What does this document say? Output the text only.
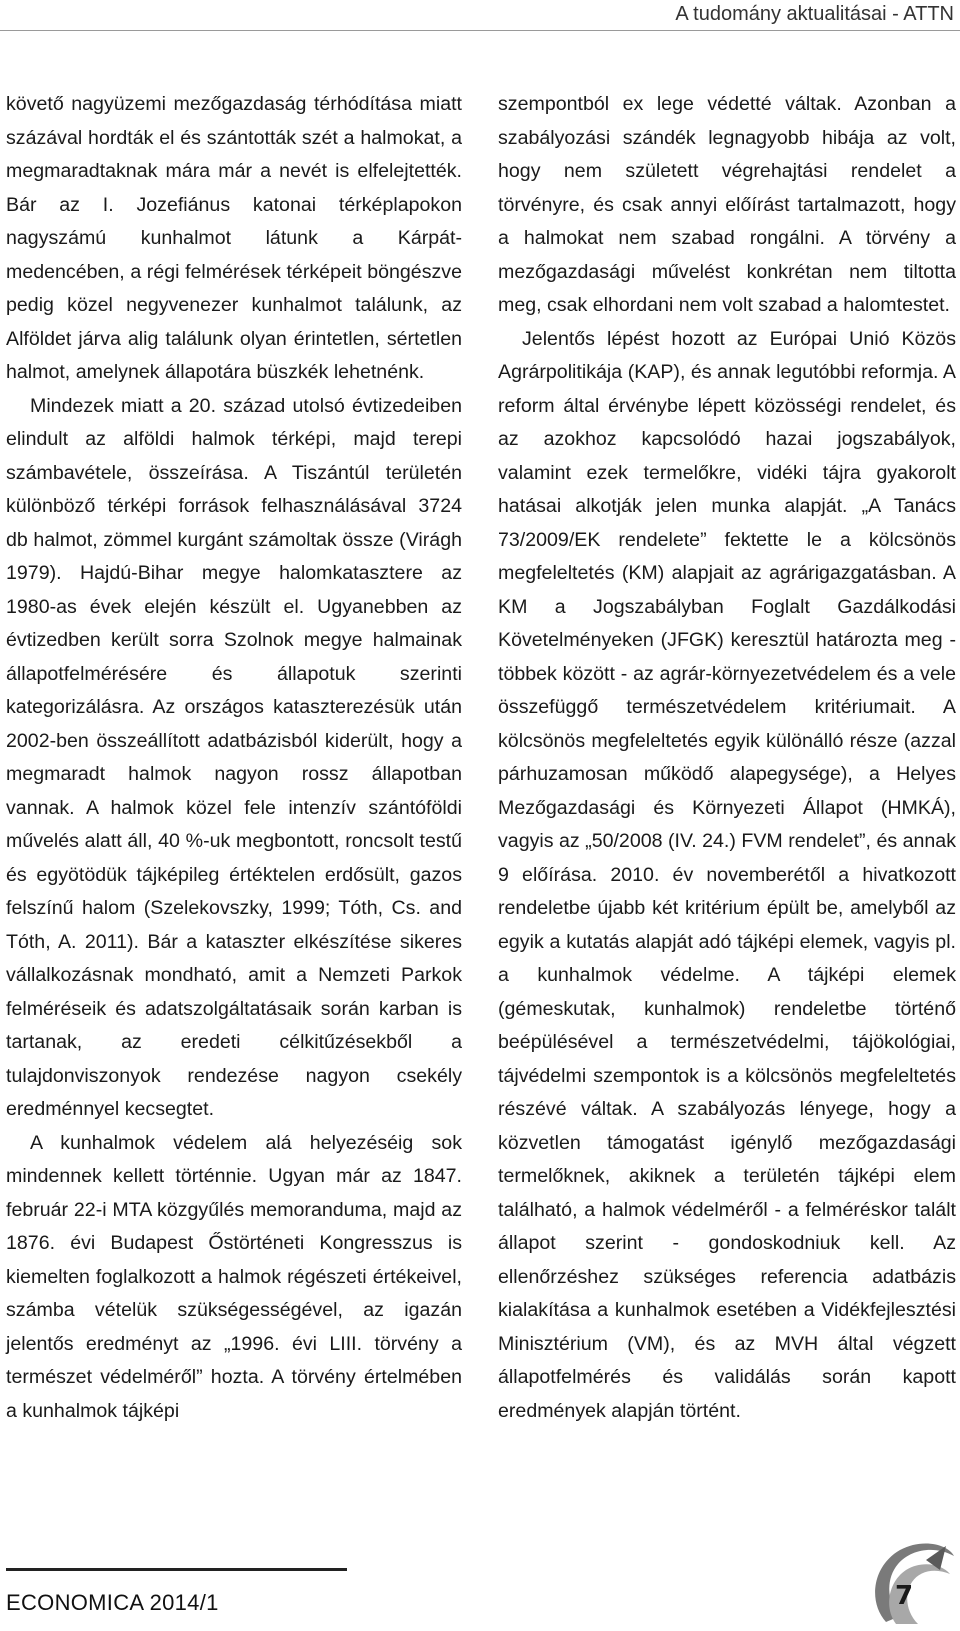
A tudomány aktualitásai - ATTN

követő nagyüzemi mezőgazdaság térhódítása miatt százával hordták el és szántották szét a halmokat, a megmaradtaknak mára már a nevét is elfelejtették. Bár az I. Jozefiánus katonai térképlapokon nagyszámú kunhalmot látunk a Kárpát-medencében, a régi felmérések térképeit böngészve pedig közel negyvenezer kunhalmot találunk, az Alföldet járva alig találunk olyan érintetlen, sértetlen halmot, amelynek állapotára büszkék lehetnénk.

Mindezek miatt a 20. század utolsó évtizedeiben elindult az alföldi halmok térképi, majd terepi számbavétele, összeírása. A Tiszántúl területén különböző térképi források felhasználásával 3724 db halmot, zömmel kurgánt számoltak össze (Virágh 1979). Hajdú-Bihar megye halomkatasztere az 1980-as évek elején készült el. Ugyanebben az évtizedben került sorra Szolnok megye halmainak állapotfelmérésére és állapotuk szerinti kategorizálásra. Az országos kataszterezésük után 2002-ben összeállított adatbázisból kiderült, hogy a megmaradt halmok nagyon rossz állapotban vannak. A halmok közel fele intenzív szántóföldi művelés alatt áll, 40 %-uk megbontott, roncsolt testű és egyötödük tájképileg értéktelen erdősült, gazos felszínű halom (Szelekovszky, 1999; Tóth, Cs. and Tóth, A. 2011). Bár a kataszter elkészítése sikeres vállalkozásnak mondható, amit a Nemzeti Parkok felméréseik és adatszolgáltatásaik során karban is tartanak, az eredeti célkitűzésekből a tulajdonviszonyok rendezése nagyon csekély eredménnyel kecsegtet.

A kunhalmok védelem alá helyezéséig sok mindennek kellett történnie. Ugyan már az 1847. február 22-i MTA közgyűlés memoranduma, majd az 1876. évi Budapest Őstörténeti Kongresszus is kiemelten foglalkozott a halmok régészeti értékeivel, számba vételük szükségességével, az igazán jelentős eredményt az „1996. évi LIII. törvény a természet védelméről” hozta. A törvény értelmében a kunhalmok tájképi

szempontból ex lege védetté váltak. Azonban a szabályozási szándék legnagyobb hibája az volt, hogy nem született végrehajtási rendelet a törvényre, és csak annyi előírást tartalmazott, hogy a halmokat nem szabad rongálni. A törvény a mezőgazdasági művelést konkrétan nem tiltotta meg, csak elhordani nem volt szabad a halomtestet.

Jelentős lépést hozott az Európai Unió Közös Agrárpolitikája (KAP), és annak legutóbbi reformja. A reform által érvénybe lépett közösségi rendelet, és az azokhoz kapcsolódó hazai jogszabályok, valamint ezek termelőkre, vidéki tájra gyakorolt hatásai alkotják jelen munka alapját. „A Tanács 73/2009/EK rendelete” fektette le a kölcsönös megfeleltetés (KM) alapjait az agrárigazgatásban. A KM a Jogszabályban Foglalt Gazdálkodási Követelményeken (JFGK) keresztül határozta meg - többek között - az agrár-környezetvédelem és a vele összefüggő természetvédelem kritériumait. A kölcsönös megfeleltetés egyik különálló része (azzal párhuzamosan működő alapegysége), a Helyes Mezőgazdasági és Környezeti Állapot (HMKÁ), vagyis az „50/2008 (IV. 24.) FVM rendelet”, és annak 9 előírása. 2010. év novemberétől a hivatkozott rendeletbe újabb két kritérium épült be, amelyből az egyik a kutatás alapját adó tájképi elemek, vagyis pl. a kunhalmok védelme. A tájképi elemek (gémeskutak, kunhalmok) rendeletbe történő beépülésével a természetvédelmi, tájökológiai, tájvédelmi szempontok is a kölcsönös megfeleltetés részévé váltak. A szabályozás lényege, hogy a közvetlen támogatást igénylő mezőgazdasági termelőknek, akiknek a területén tájképi elem található, a halmok védelméről - a felméréskor talált állapot szerint - gondoskodniuk kell. Az ellenőrzéshez szükséges referencia adatbázis kialakítása a kunhalmok esetében a Vidékfejlesztési Minisztérium (VM), és az MVH által végzett állapotfelmérés és validálás során kapott eredmények alapján történt.

ECONOMICA 2014/1	7
